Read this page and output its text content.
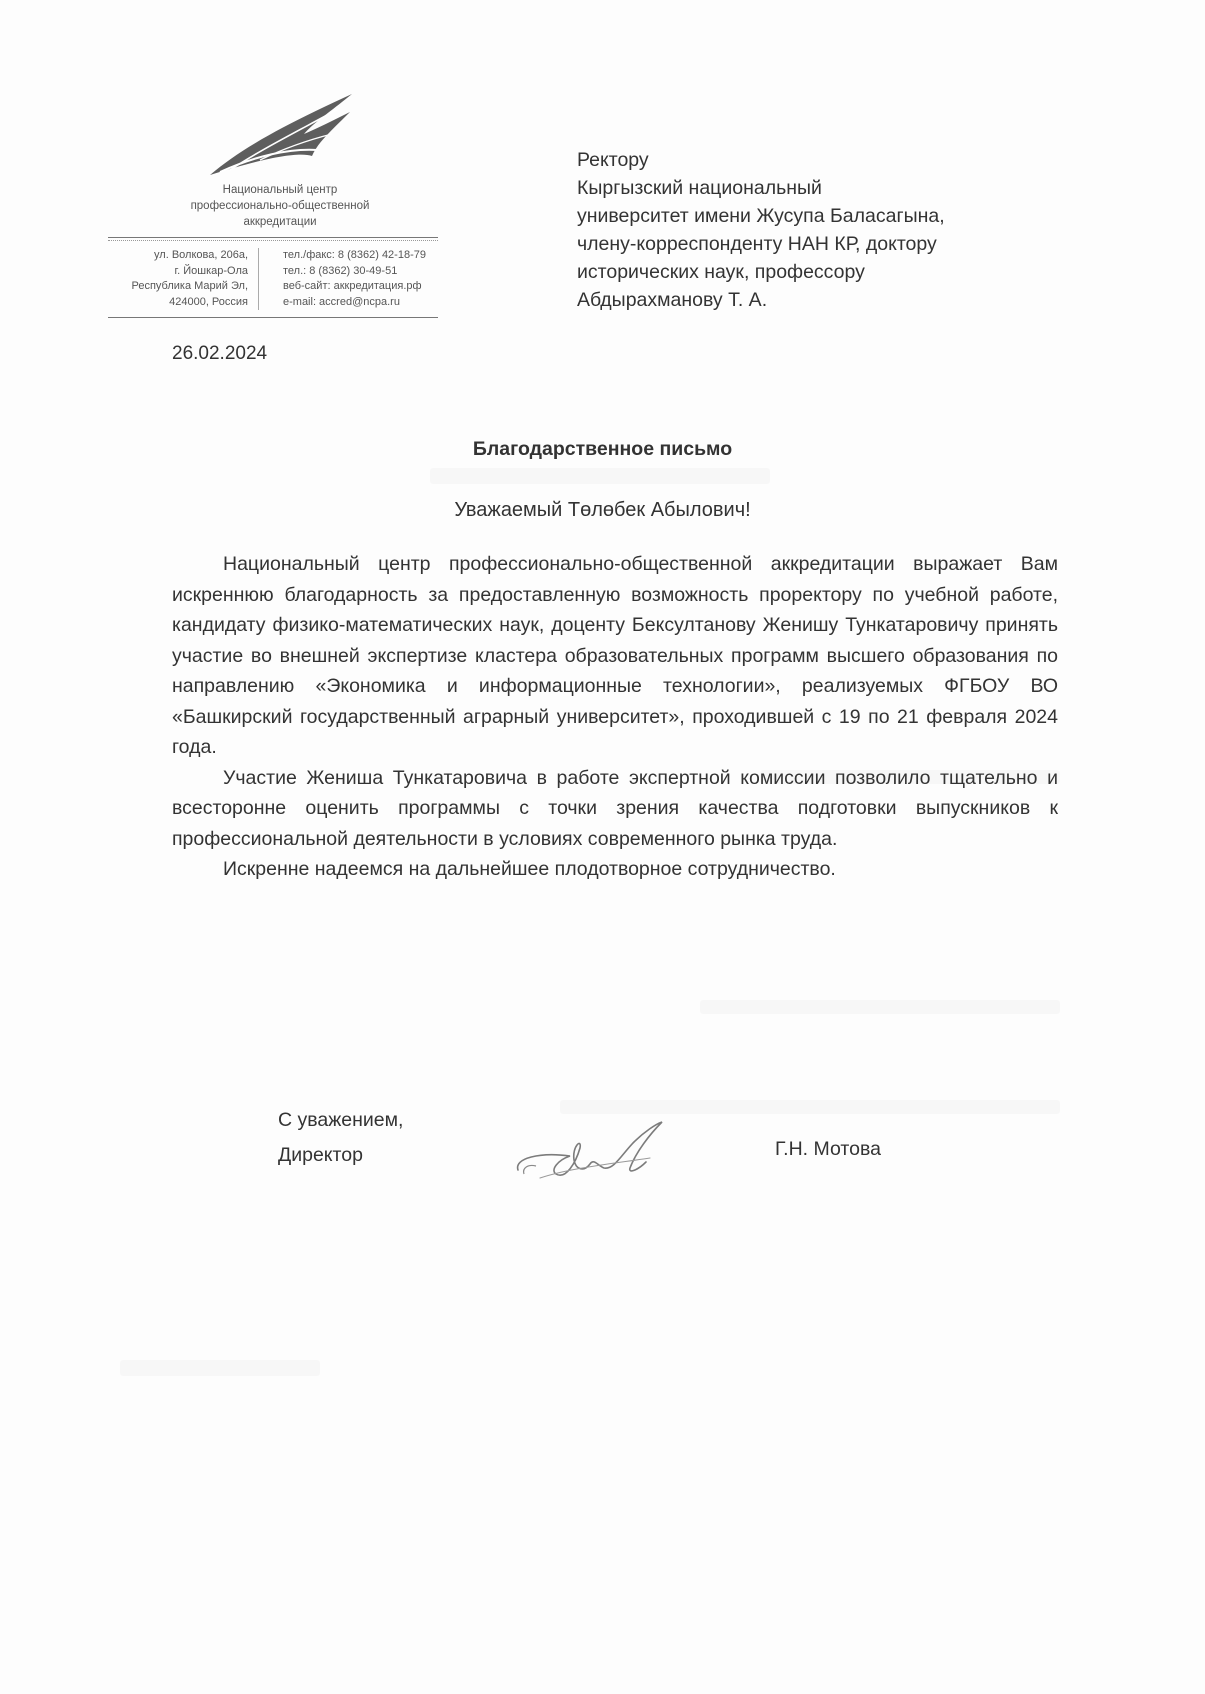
Национальный центр
профессионально-общественной
аккредитации
ул. Волкова, 206а,
г. Йошкар-Ола
Республика Марий Эл,
424000, Россия
тел./факс: 8 (8362) 42-18-79
тел.: 8 (8362) 30-49-51
веб-сайт: аккредитация.рф
e-mail: accred@ncpa.ru
26.02.2024
Ректору
Кыргызский национальный
университет имени Жусупа Баласагына,
члену-корреспонденту НАН КР, доктору
исторических наук, профессору
Абдырахманову Т. А.
Благодарственное письмо
Уважаемый Төлөбек Абылович!

Национальный центр профессионально-общественной аккредитации выражает Вам искреннюю благодарность за предоставленную возможность проректору по учебной работе, кандидату физико-математических наук, доценту Бексултанову Женишу Тункатаровичу принять участие во внешней экспертизе кластера образовательных программ высшего образования по направлению «Экономика и информационные технологии», реализуемых ФГБОУ ВО «Башкирский государственный аграрный университет», проходившей с 19 по 21 февраля 2024 года.

Участие Жениша Тункатаровича в работе экспертной комиссии позволило тщательно и всесторонне оценить программы с точки зрения качества подготовки выпускников к профессиональной деятельности в условиях современного рынка труда.

Искренне надеемся на дальнейшее плодотворное сотрудничество.

С уважением,
Директор	Г.Н. Мотова
